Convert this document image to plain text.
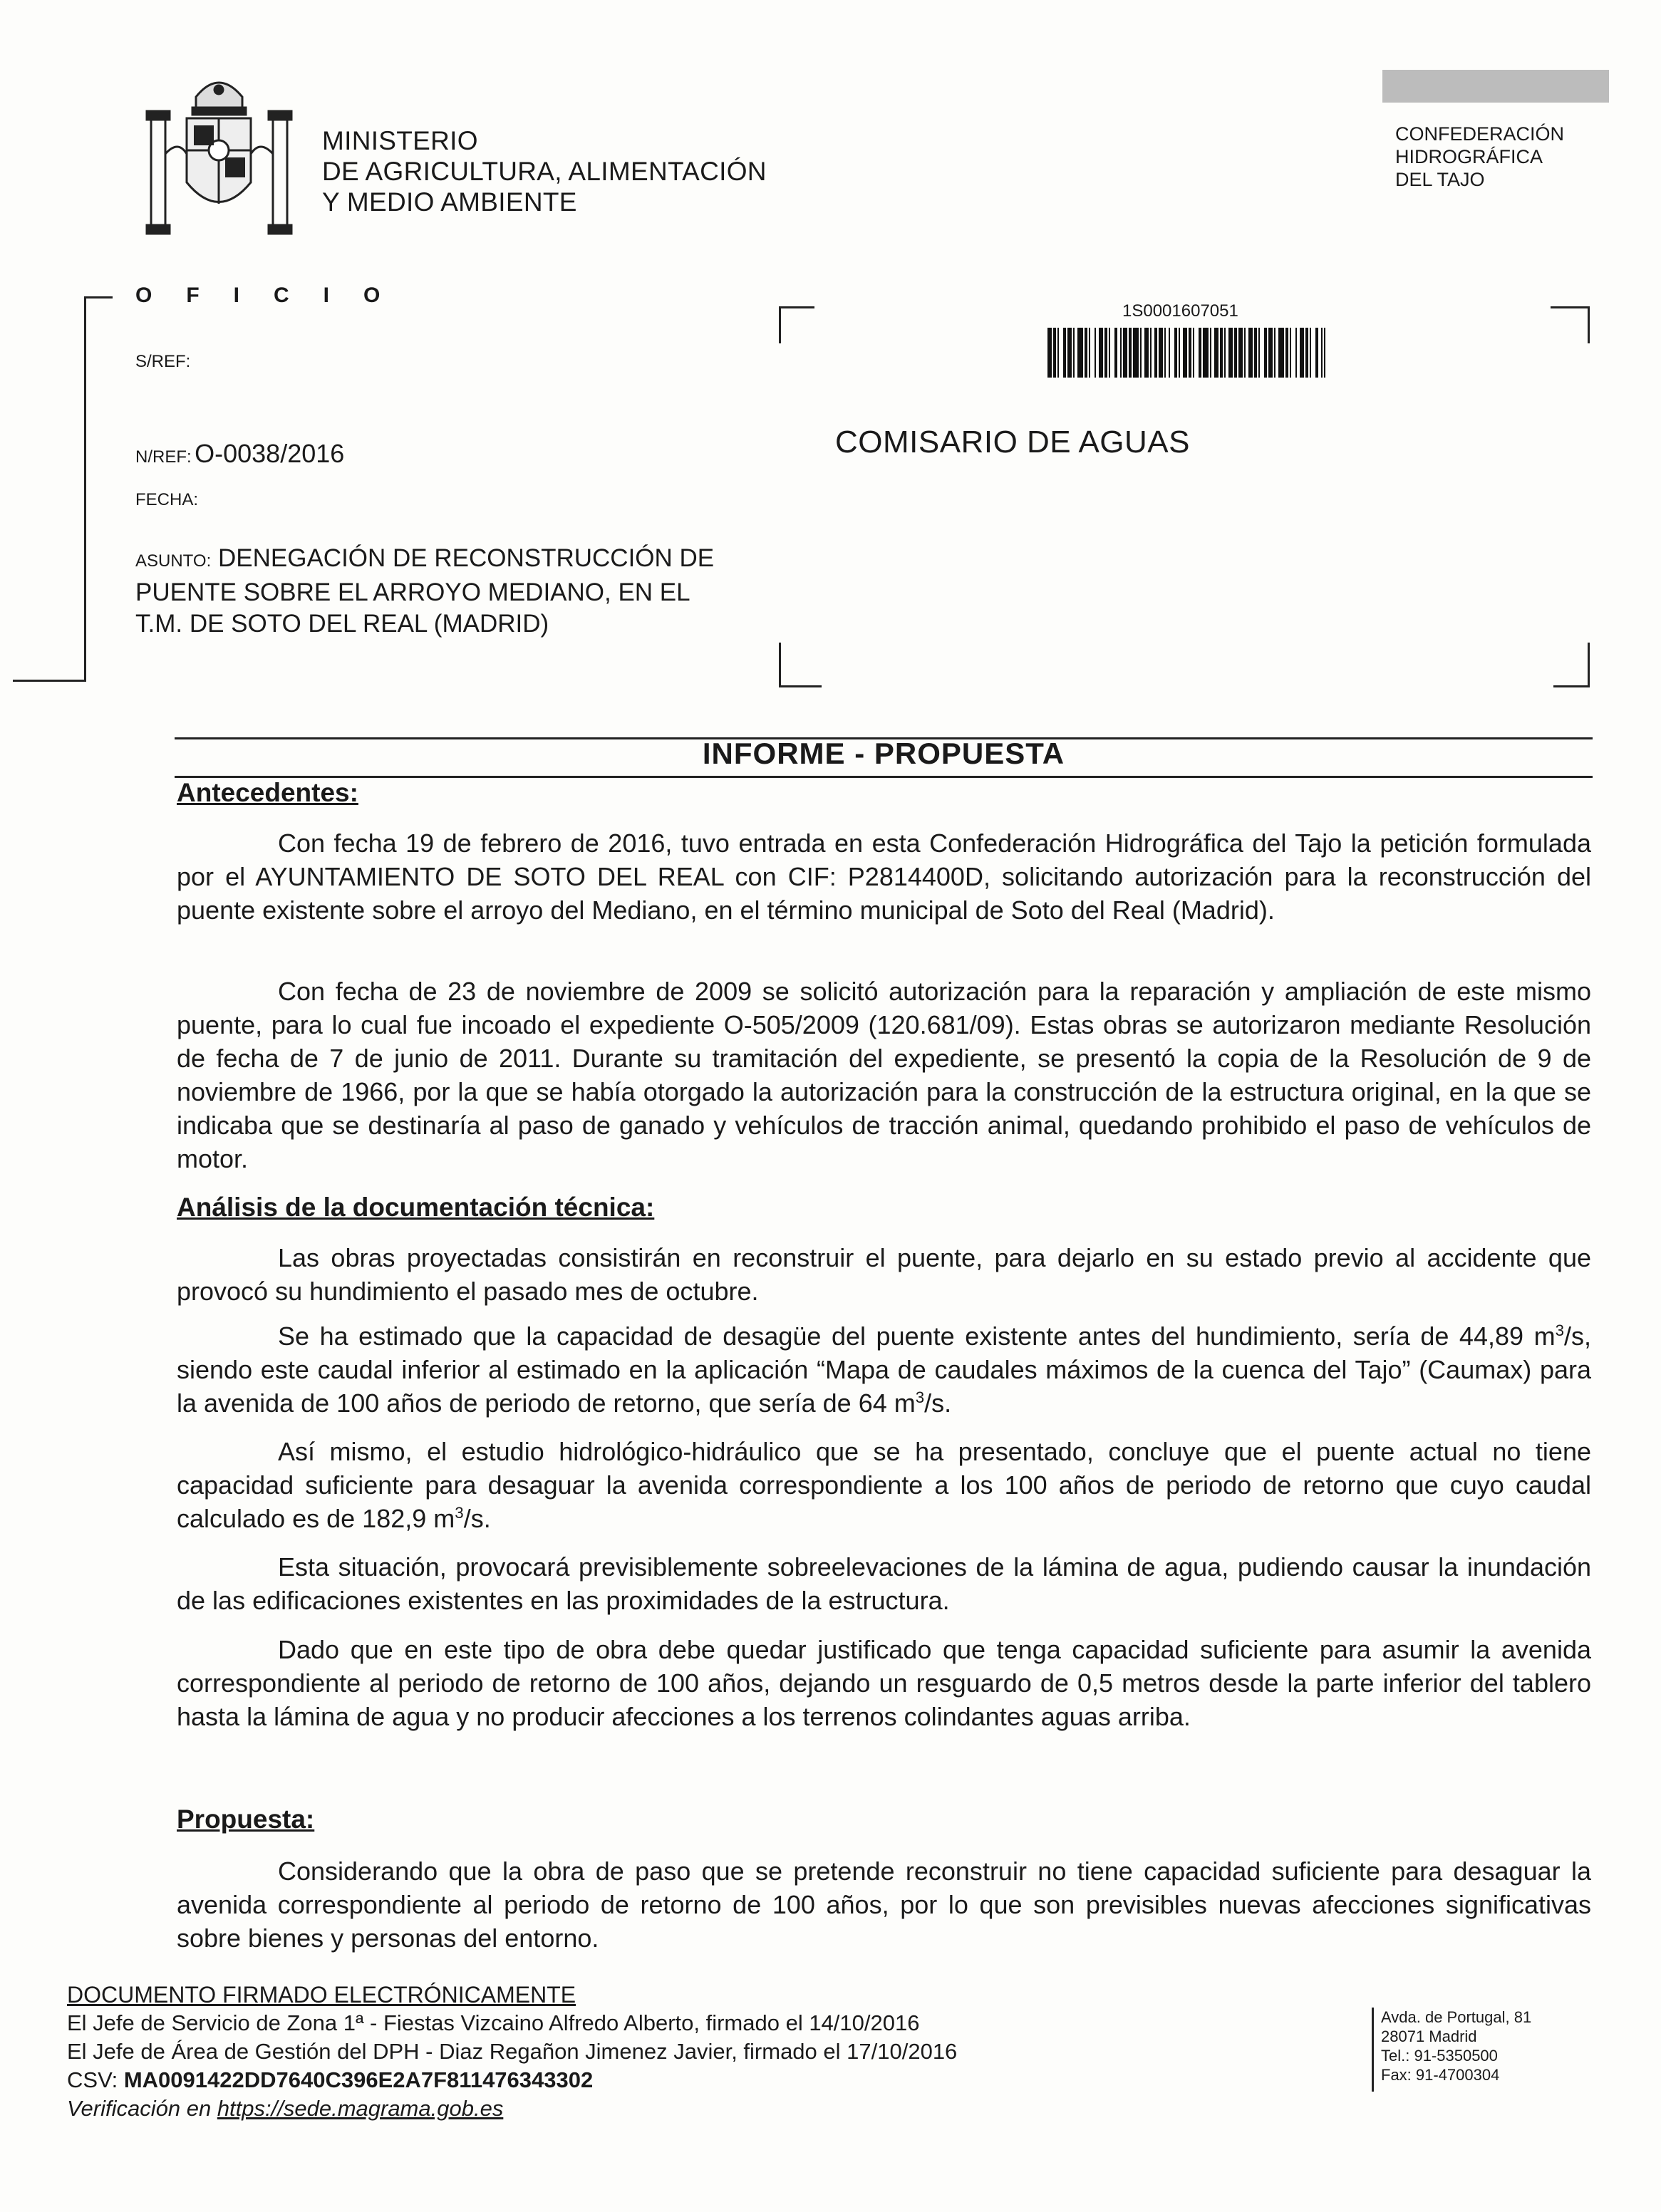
MINISTERIO
DE AGRICULTURA, ALIMENTACIÓN
Y MEDIO AMBIENTE
CONFEDERACIÓN
HIDROGRÁFICA
DEL TAJO
OFICIO
S/REF:
N/REF: O-0038/2016
FECHA:
ASUNTO: DENEGACIÓN DE RECONSTRUCCIÓN DE
PUENTE SOBRE EL ARROYO MEDIANO, EN EL
T.M. DE SOTO DEL REAL (MADRID)
1S0001607051
COMISARIO DE AGUAS
INFORME - PROPUESTA
Antecedentes:
Con fecha 19 de febrero de 2016, tuvo entrada en esta Confederación Hidrográfica del Tajo la petición formulada por el AYUNTAMIENTO DE SOTO DEL REAL con CIF: P2814400D, solicitando autorización para la reconstrucción del puente existente sobre el arroyo del Mediano, en el término municipal de Soto del Real (Madrid).
Con fecha de 23 de noviembre de 2009 se solicitó autorización para la reparación y ampliación de este mismo puente, para lo cual fue incoado el expediente O-505/2009 (120.681/09). Estas obras se autorizaron mediante Resolución de fecha de 7 de junio de 2011. Durante su tramitación del expediente, se presentó la copia de la Resolución de 9 de noviembre de 1966, por la que se había otorgado la autorización para la construcción de la estructura original, en la que se indicaba que se destinaría al paso de ganado y vehículos de tracción animal, quedando prohibido el paso de vehículos de motor.
Análisis de la documentación técnica:
Las obras proyectadas consistirán en reconstruir el puente, para dejarlo en su estado previo al accidente que provocó su hundimiento el pasado mes de octubre.
Se ha estimado que la capacidad de desagüe del puente existente antes del hundimiento, sería de 44,89 $m^3/s$, siendo este caudal inferior al estimado en la aplicación “Mapa de caudales máximos de la cuenca del Tajo” (Caumax) para la avenida de 100 años de periodo de retorno, que sería de 64 $m^3/s$.
Así mismo, el estudio hidrológico-hidráulico que se ha presentado, concluye que el puente actual no tiene capacidad suficiente para desaguar la avenida correspondiente a los 100 años de periodo de retorno que cuyo caudal calculado es de 182,9 $m^3/s$.
Esta situación, provocará previsiblemente sobreelevaciones de la lámina de agua, pudiendo causar la inundación de las edificaciones existentes en las proximidades de la estructura.
Dado que en este tipo de obra debe quedar justificado que tenga capacidad suficiente para asumir la avenida correspondiente al periodo de retorno de 100 años, dejando un resguardo de 0,5 metros desde la parte inferior del tablero hasta la lámina de agua y no producir afecciones a los terrenos colindantes aguas arriba.
Propuesta:
Considerando que la obra de paso que se pretende reconstruir no tiene capacidad suficiente para desaguar la avenida correspondiente al periodo de retorno de 100 años, por lo que son previsibles nuevas afecciones significativas sobre bienes y personas del entorno.
DOCUMENTO FIRMADO ELECTRÓNICAMENTE
El Jefe de Servicio de Zona 1ª - Fiestas Vizcaino Alfredo Alberto, firmado el 14/10/2016
El Jefe de Área de Gestión del DPH - Diaz Regañon Jimenez Javier, firmado el 17/10/2016
CSV: MA0091422DD7640C396E2A7F811476343302
Verificación en https://sede.magrama.gob.es
Avda. de Portugal, 81
28071 Madrid
Tel.: 91-5350500
Fax: 91-4700304
